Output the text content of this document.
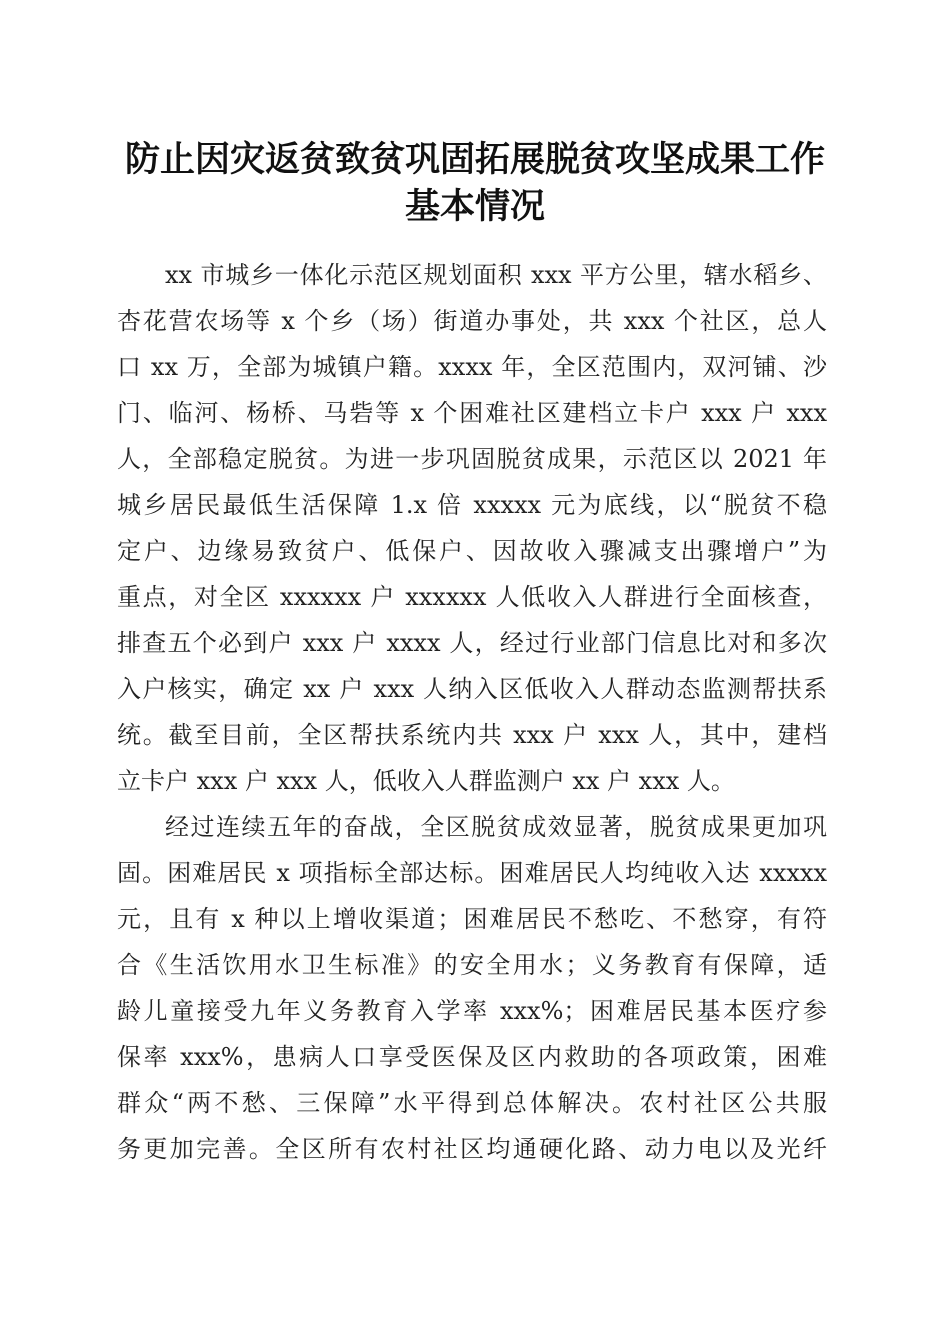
防止因灾返贫致贫巩固拓展脱贫攻坚成果工作
基本情况
xx 市城乡一体化示范区规划面积 xxx 平方公里，辖水稻乡、
杏花营农场等 x 个乡（场）街道办事处，共 xxx 个社区，总人
口 xx 万，全部为城镇户籍。xxxx 年，全区范围内，双河铺、沙
门、临河、杨桥、马砦等 x 个困难社区建档立卡户 xxx 户 xxx
人，全部稳定脱贫。为进一步巩固脱贫成果，示范区以 2021 年
城乡居民最低生活保障 1.x 倍 xxxxx 元为底线，以“脱贫不稳
定户、边缘易致贫户、低保户、因故收入骤减支出骤增户”为
重点，对全区 xxxxxx 户 xxxxxx 人低收入人群进行全面核查，
排查五个必到户 xxx 户 xxxx 人，经过行业部门信息比对和多次
入户核实，确定 xx 户 xxx 人纳入区低收入人群动态监测帮扶系
统。截至目前，全区帮扶系统内共 xxx 户 xxx 人，其中，建档
立卡户 xxx 户 xxx 人，低收入人群监测户 xx 户 xxx 人。
经过连续五年的奋战，全区脱贫成效显著，脱贫成果更加巩
固。困难居民 x 项指标全部达标。困难居民人均纯收入达 xxxxx
元，且有 x 种以上增收渠道；困难居民不愁吃、不愁穿，有符
合《生活饮用水卫生标准》的安全用水；义务教育有保障，适
龄儿童接受九年义务教育入学率 xxx%；困难居民基本医疗参
保率 xxx%，患病人口享受医保及区内救助的各项政策，困难
群众“两不愁、三保障”水平得到总体解决。农村社区公共服
务更加完善。全区所有农村社区均通硬化路、动力电以及光纤
